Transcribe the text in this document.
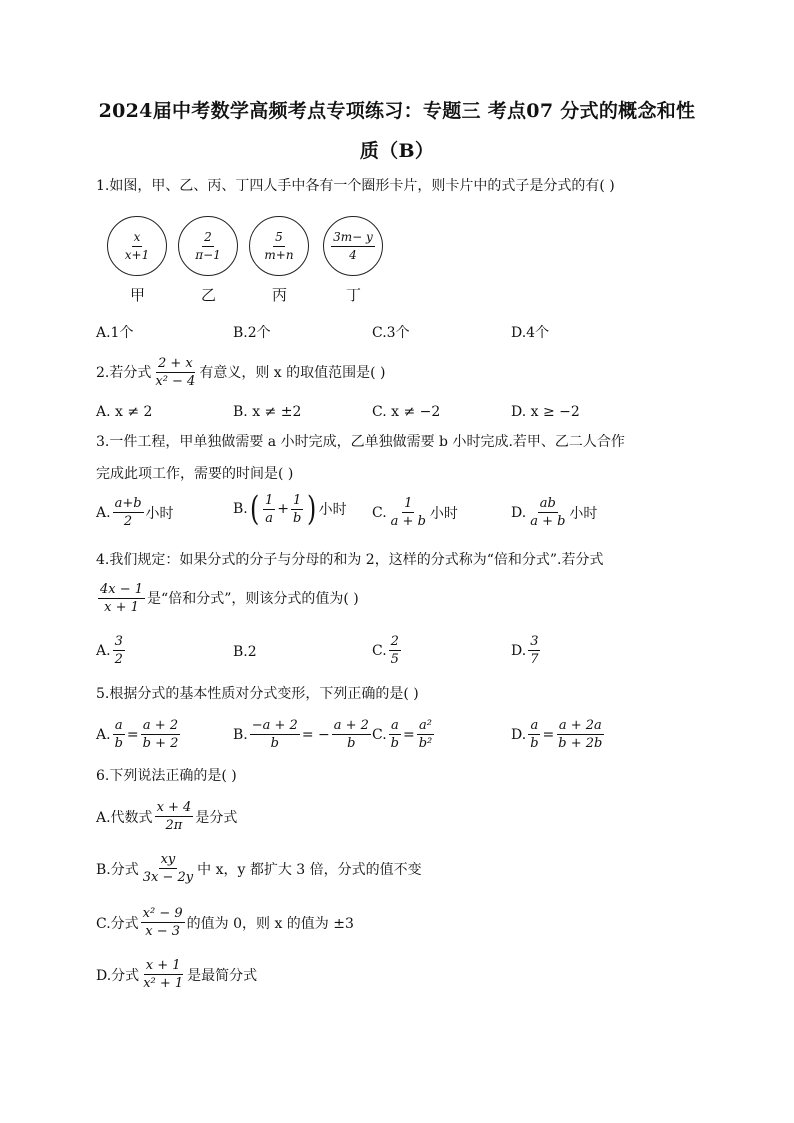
2024届中考数学高频考点专项练习：专题三 考点07 分式的概念和性
质（B）
1.如图，甲、乙、丙、丁四人手中各有一个圈形卡片，则卡片中的式子是分式的有( )
$\frac{x}{x+1}$	$\frac{2}{\pi-1}$	$\frac{5}{m+n}$	$\frac{3m- y}{4}$
甲	乙	丙	丁
A.1个	B.2个	C.3个	D.4个
2.若分式 $\frac{2 + x}{\text{x² − 4}}$ 有意义，则 x 的取值范围是( )
A. x ≠ 2	B. x ≠ ±2	C. x ≠ −2	D. x ≥ −2
3.一件工程，甲单独做需要 a 小时完成，乙单独做需要 b 小时完成.若甲、乙二人合作
完成此项工作，需要的时间是( )
A. $\frac{a+b}{2}$ 小时	B. ( $\frac{1}{a} + \frac{1}{b}$ ) 小时 C. $\frac{1}{a + b}$ 小时	D. $\frac{ab}{a + b}$ 小时
4.我们规定：如果分式的分子与分母的和为 2，这样的分式称为“倍和分式”.若分式
$\frac{4x - 1}{x + 1}$ 是“倍和分式”，则该分式的值为( )
A. $\frac{3}{2}$	B.2	C. $\frac{2}{5}$	D. $\frac{3}{7}$
5.根据分式的基本性质对分式变形，下列正确的是( )
A. $\frac{a}{b} = \frac{a + 2}{b + 2}$	B. $\frac{-a + 2}{b}$ = − $\frac{a + 2}{b} C$. $\frac{a}{b} = \frac{\text{a²}}{\text{b²}}$	D. $\frac{a}{b} = \frac{a + 2a}{b + 2b}$
6.下列说法正确的是( )
A.代数式 $\frac{x + 4}{2\pi}$ 是分式
B.分式 $\frac{xy}{3x - 2y}$ 中 x，y 都扩大 3 倍，分式的值不变
C.分式 $\frac{\text{x² − 9}}{x - 3}$ 的值为 0，则 x 的值为 ±3
D.分式 $\frac{x + 1}{\text{x² + 1}}$ 是最简分式
